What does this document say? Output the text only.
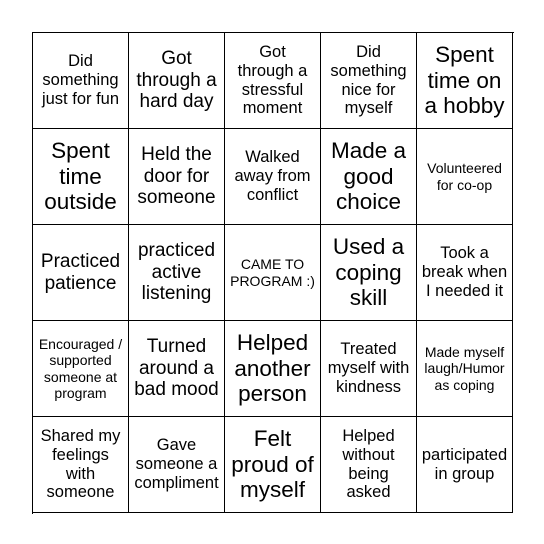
Did something just for fun
Got through a hard day
Got through a stressful moment
Did something nice for myself
Spent time on a hobby
Spent time outside
Held the door for someone
Walked away from conflict
Made a good choice
Volunteered for co-op
Practiced patience
practiced active listening
CAME TO PROGRAM :)
Used a coping skill
Took a break when I needed it
Encouraged / supported someone at program
Turned around a bad mood
Helped another person
Treated myself with kindness
Made myself laugh/Humor as coping
Shared my feelings with someone
Gave someone a compliment
Felt proud of myself
Helped without being asked
participated in group
